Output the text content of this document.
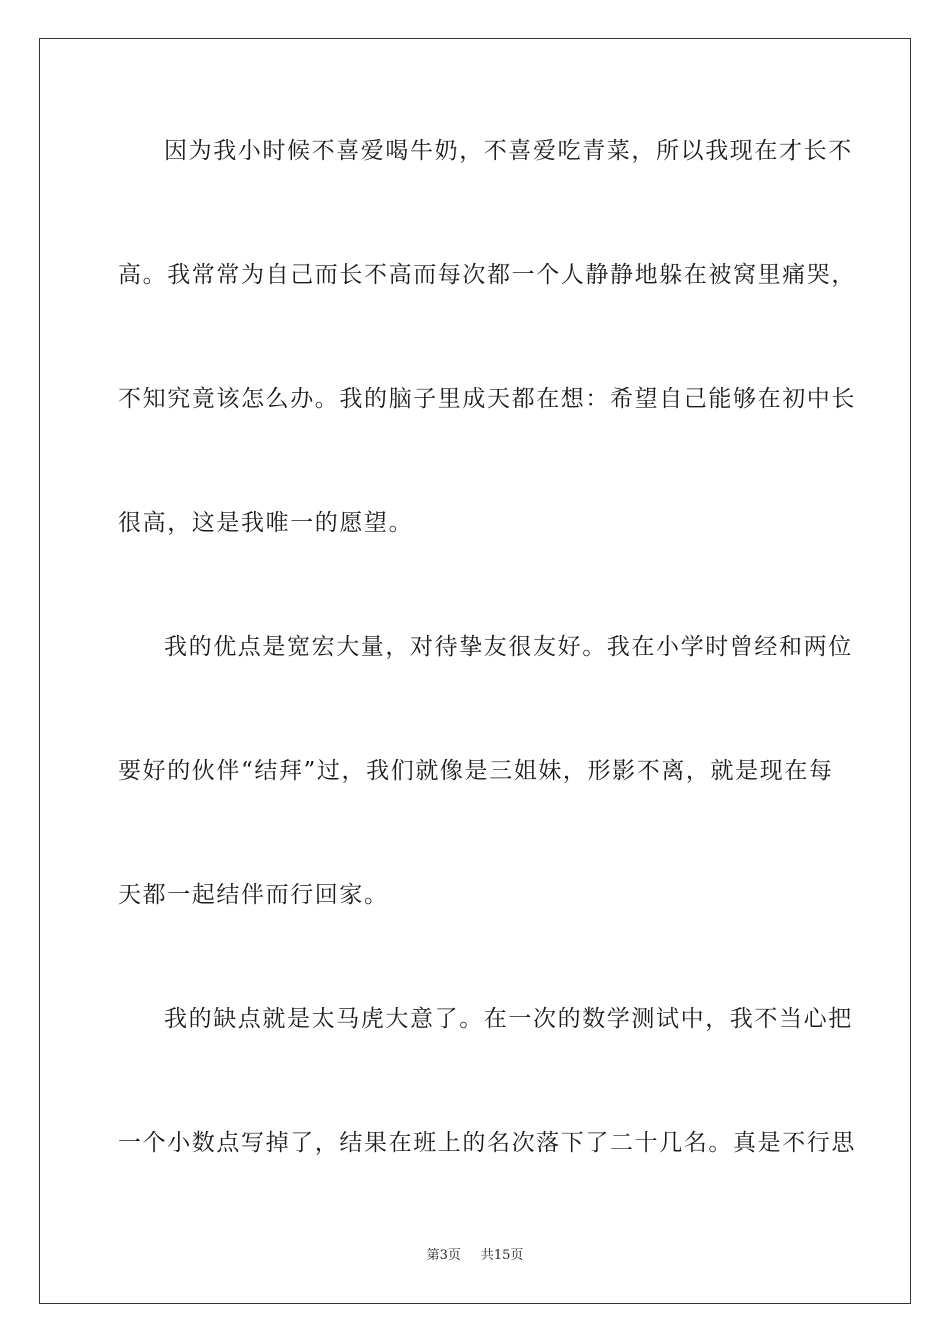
因为我小时候不喜爱喝牛奶，不喜爱吃青菜，所以我现在才长不
高。我常常为自己而长不高而每次都一个人静静地躲在被窝里痛哭，
不知究竟该怎么办。我的脑子里成天都在想：希望自己能够在初中长
很高，这是我唯一的愿望。
我的优点是宽宏大量，对待挚友很友好。我在小学时曾经和两位
要好的伙伴“结拜”过，我们就像是三姐妹，形影不离，就是现在每
天都一起结伴而行回家。
我的缺点就是太马虎大意了。在一次的数学测试中，我不当心把
一个小数点写掉了，结果在班上的名次落下了二十几名。真是不行思
第3页 共15页
